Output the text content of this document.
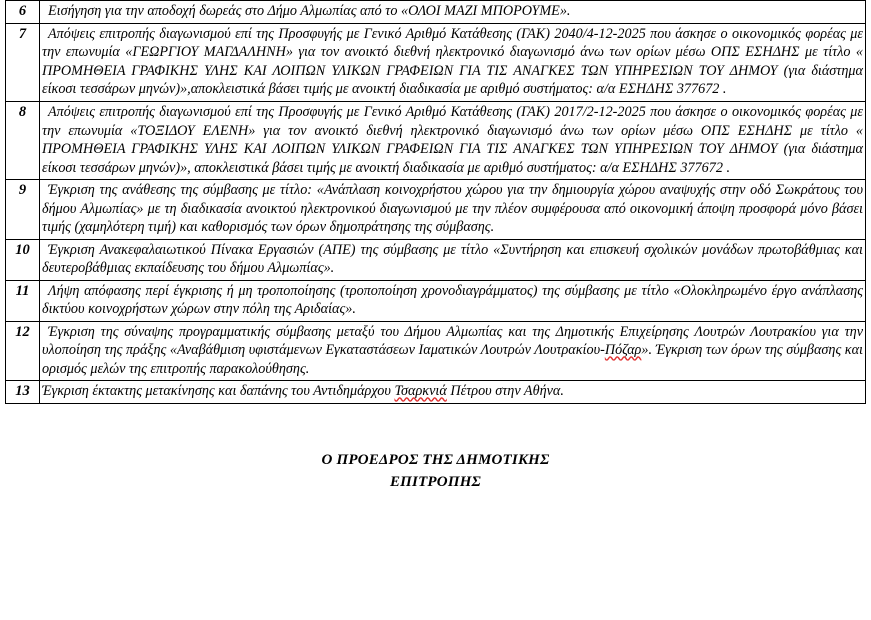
6	Εισήγηση για την αποδοχή δωρεάς στο Δήμο Αλμωπίας από το «ΟΛΟΙ ΜΑΖΙ ΜΠΟΡΟΥΜΕ».

7	Απόψεις επιτροπής διαγωνισμού επί της Προσφυγής με Γενικό Αριθμό Κατάθεσης (ΓΑΚ) 2040/4-12-2025 που άσκησε ο οικονομικός φορέας με την επωνυμία «ΓΕΩΡΓΙΟΥ ΜΑΓΔΑΛΗΝΗ» για τον ανοικτό διεθνή ηλεκτρονικό διαγωνισμό άνω των ορίων μέσω ΟΠΣ ΕΣΗΔΗΣ με τίτλο « ΠΡΟΜΗΘΕΙΑ ΓΡΑΦΙΚΗΣ ΥΛΗΣ ΚΑΙ ΛΟΙΠΩΝ ΥΛΙΚΩΝ ΓΡΑΦΕΙΩΝ ΓΙΑ ΤΙΣ ΑΝΑΓΚΕΣ ΤΩΝ ΥΠΗΡΕΣΙΩΝ ΤΟΥ ΔΗΜΟΥ (για διάστημα είκοσι τεσσάρων μηνών)»,αποκλειστικά βάσει τιμής με ανοικτή διαδικασία με αριθμό συστήματος: α/α ΕΣΗΔΗΣ 377672 .

8	Απόψεις επιτροπής διαγωνισμού επί της Προσφυγής με Γενικό Αριθμό Κατάθεσης (ΓΑΚ) 2017/2-12-2025 που άσκησε ο οικονομικός φορέας με την επωνυμία «ΤΟΞΙΔΟΥ ΕΛΕΝΗ» για τον ανοικτό διεθνή ηλεκτρονικό διαγωνισμό άνω των ορίων μέσω ΟΠΣ ΕΣΗΔΗΣ με τίτλο « ΠΡΟΜΗΘΕΙΑ ΓΡΑΦΙΚΗΣ ΥΛΗΣ ΚΑΙ ΛΟΙΠΩΝ ΥΛΙΚΩΝ ΓΡΑΦΕΙΩΝ ΓΙΑ ΤΙΣ ΑΝΑΓΚΕΣ ΤΩΝ ΥΠΗΡΕΣΙΩΝ ΤΟΥ ΔΗΜΟΥ (για διάστημα είκοσι τεσσάρων μηνών)», αποκλειστικά βάσει τιμής με ανοικτή διαδικασία με αριθμό συστήματος: α/α ΕΣΗΔΗΣ 377672 .

9	Έγκριση της ανάθεσης της σύμβασης με τίτλο: «Ανάπλαση κοινοχρήστου χώρου για την δημιουργία χώρου αναψυχής στην οδό Σωκράτους του δήμου Αλμωπίας» με τη διαδικασία ανοικτού ηλεκτρονικού διαγωνισμού με την πλέον συμφέρουσα από οικονομική άποψη προσφορά μόνο βάσει τιμής (χαμηλότερη τιμή) και καθορισμός των όρων δημοπράτησης της σύμβασης.

10	Έγκριση Ανακεφαλαιωτικού Πίνακα Εργασιών (ΑΠΕ) της σύμβασης με τίτλο «Συντήρηση και επισκευή σχολικών μονάδων πρωτοβάθμιας και δευτεροβάθμιας εκπαίδευσης του δήμου Αλμωπίας».

11	Λήψη απόφασης περί έγκρισης ή μη τροποποίησης (τροποποίηση χρονοδιαγράμματος) της σύμβασης με τίτλο «Ολοκληρωμένο έργο ανάπλασης δικτύου κοινοχρήστων χώρων στην πόλη της Αριδαίας».

12	Έγκριση της σύναψης προγραμματικής σύμβασης μεταξύ του Δήμου Αλμωπίας και της Δημοτικής Επιχείρησης Λουτρών Λουτρακίου για την υλοποίηση της πράξης «Αναβάθμιση υφιστάμενων Εγκαταστάσεων Ιαματικών Λουτρών Λουτρακίου-Πόζαρ». Έγκριση των όρων της σύμβασης και ορισμός μελών της επιτροπής παρακολούθησης.

13	Έγκριση έκτακτης μετακίνησης και δαπάνης του Αντιδημάρχου Τσαρκνιά Πέτρου στην Αθήνα.
Ο ΠΡΟΕΔΡΟΣ ΤΗΣ ΔΗΜΟΤΙΚΗΣ
ΕΠΙΤΡΟΠΗΣ
